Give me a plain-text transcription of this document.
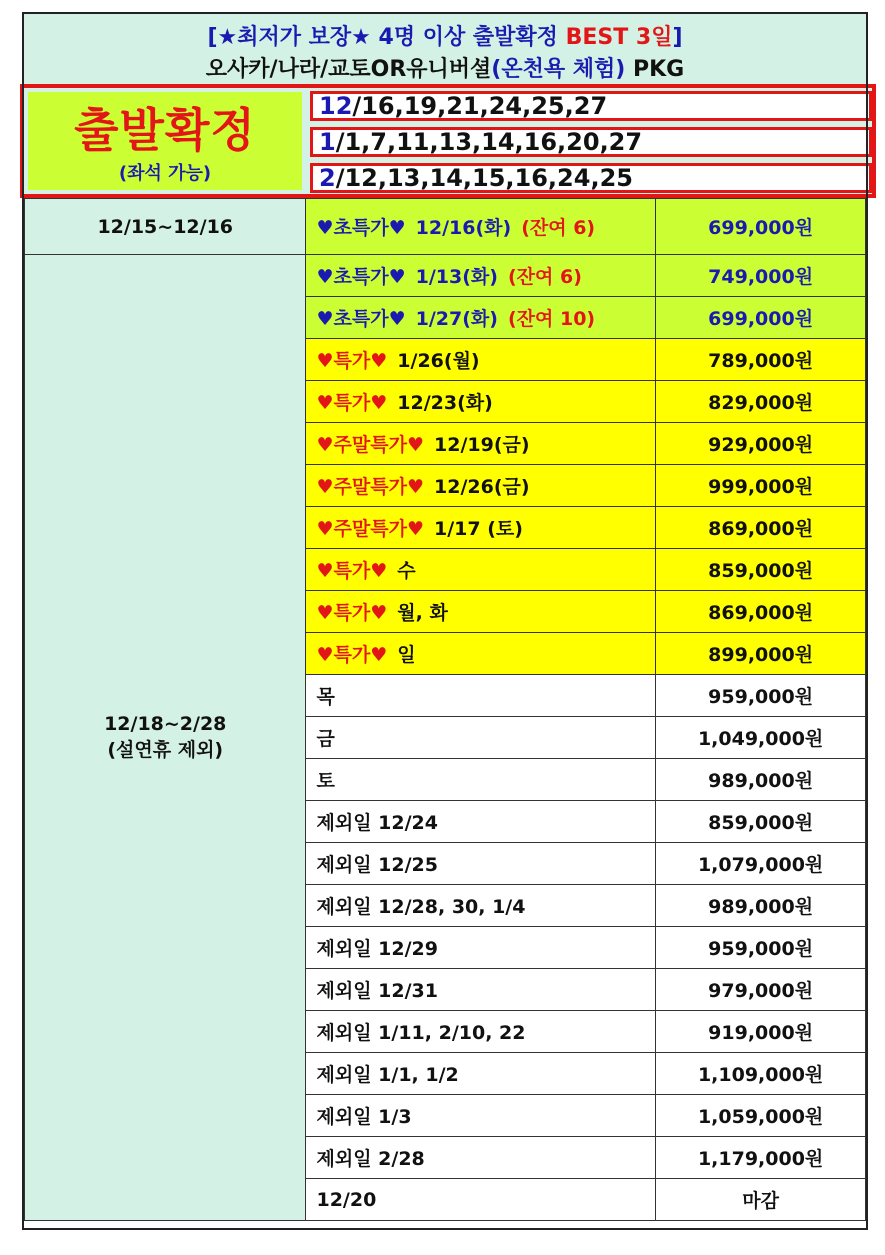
[★최저가 보장★ 4명 이상 출발확정 BEST 3일]
오사카/나라/교토OR유니버셜(온천욕 체험) PKG
출발확정
(좌석 가능)
12/16,19,21,24,25,27
1/1,7,11,13,14,16,20,27
2/12,13,14,15,16,24,25
12/15~12/16	♥초특가♥ 12/16(화) (잔여 6)	699,000원

12/18~2/28
(설연휴 제외)	♥초특가♥ 1/13(화) (잔여 6)	749,000원
	♥초특가♥ 1/27(화) (잔여 10)	699,000원
	♥특가♥ 1/26(월)	789,000원
	♥특가♥ 12/23(화)	829,000원
	♥주말특가♥ 12/19(금)	929,000원
	♥주말특가♥ 12/26(금)	999,000원
	♥주말특가♥ 1/17 (토)	869,000원
	♥특가♥ 수	859,000원
	♥특가♥ 월, 화	869,000원
	♥특가♥ 일	899,000원
	목	959,000원
	금	1,049,000원
	토	989,000원
	제외일 12/24	859,000원
	제외일 12/25	1,079,000원
	제외일 12/28, 30, 1/4	989,000원
	제외일 12/29	959,000원
	제외일 12/31	979,000원
	제외일 1/11, 2/10, 22	919,000원
	제외일 1/1, 1/2	1,109,000원
	제외일 1/3	1,059,000원
	제외일 2/28	1,179,000원
	12/20	마감
